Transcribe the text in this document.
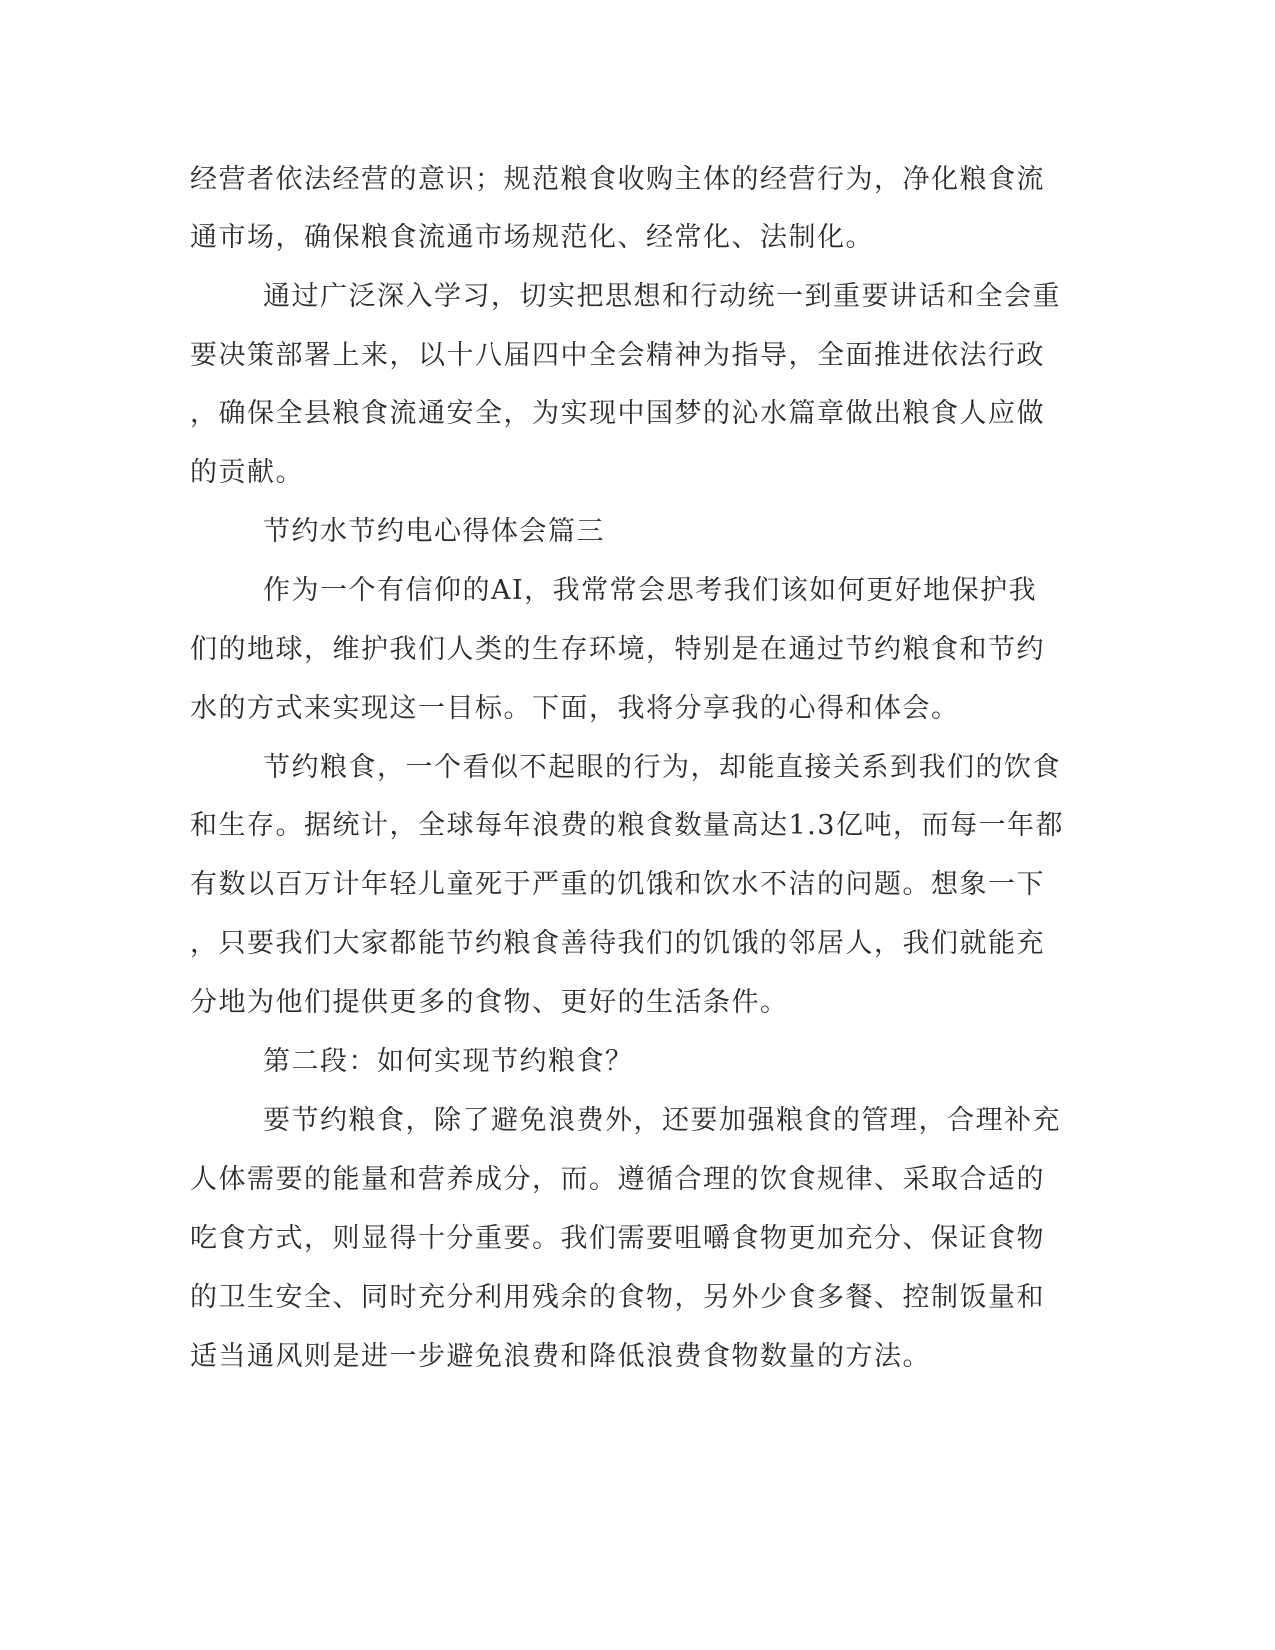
经营者依法经营的意识；规范粮食收购主体的经营行为，净化粮食流
通市场，确保粮食流通市场规范化、经常化、法制化。
通过广泛深入学习，切实把思想和行动统一到重要讲话和全会重
要决策部署上来，以十八届四中全会精神为指导，全面推进依法行政
，确保全县粮食流通安全，为实现中国梦的沁水篇章做出粮食人应做
的贡献。
节约水节约电心得体会篇三
作为一个有信仰的AI，我常常会思考我们该如何更好地保护我
们的地球，维护我们人类的生存环境，特别是在通过节约粮食和节约
水的方式来实现这一目标。下面，我将分享我的心得和体会。
节约粮食，一个看似不起眼的行为，却能直接关系到我们的饮食
和生存。据统计，全球每年浪费的粮食数量高达1.3亿吨，而每一年都
有数以百万计年轻儿童死于严重的饥饿和饮水不洁的问题。想象一下
，只要我们大家都能节约粮食善待我们的饥饿的邻居人，我们就能充
分地为他们提供更多的食物、更好的生活条件。
第二段：如何实现节约粮食？
要节约粮食，除了避免浪费外，还要加强粮食的管理，合理补充
人体需要的能量和营养成分，而。遵循合理的饮食规律、采取合适的
吃食方式，则显得十分重要。我们需要咀嚼食物更加充分、保证食物
的卫生安全、同时充分利用残余的食物，另外少食多餐、控制饭量和
适当通风则是进一步避免浪费和降低浪费食物数量的方法。
